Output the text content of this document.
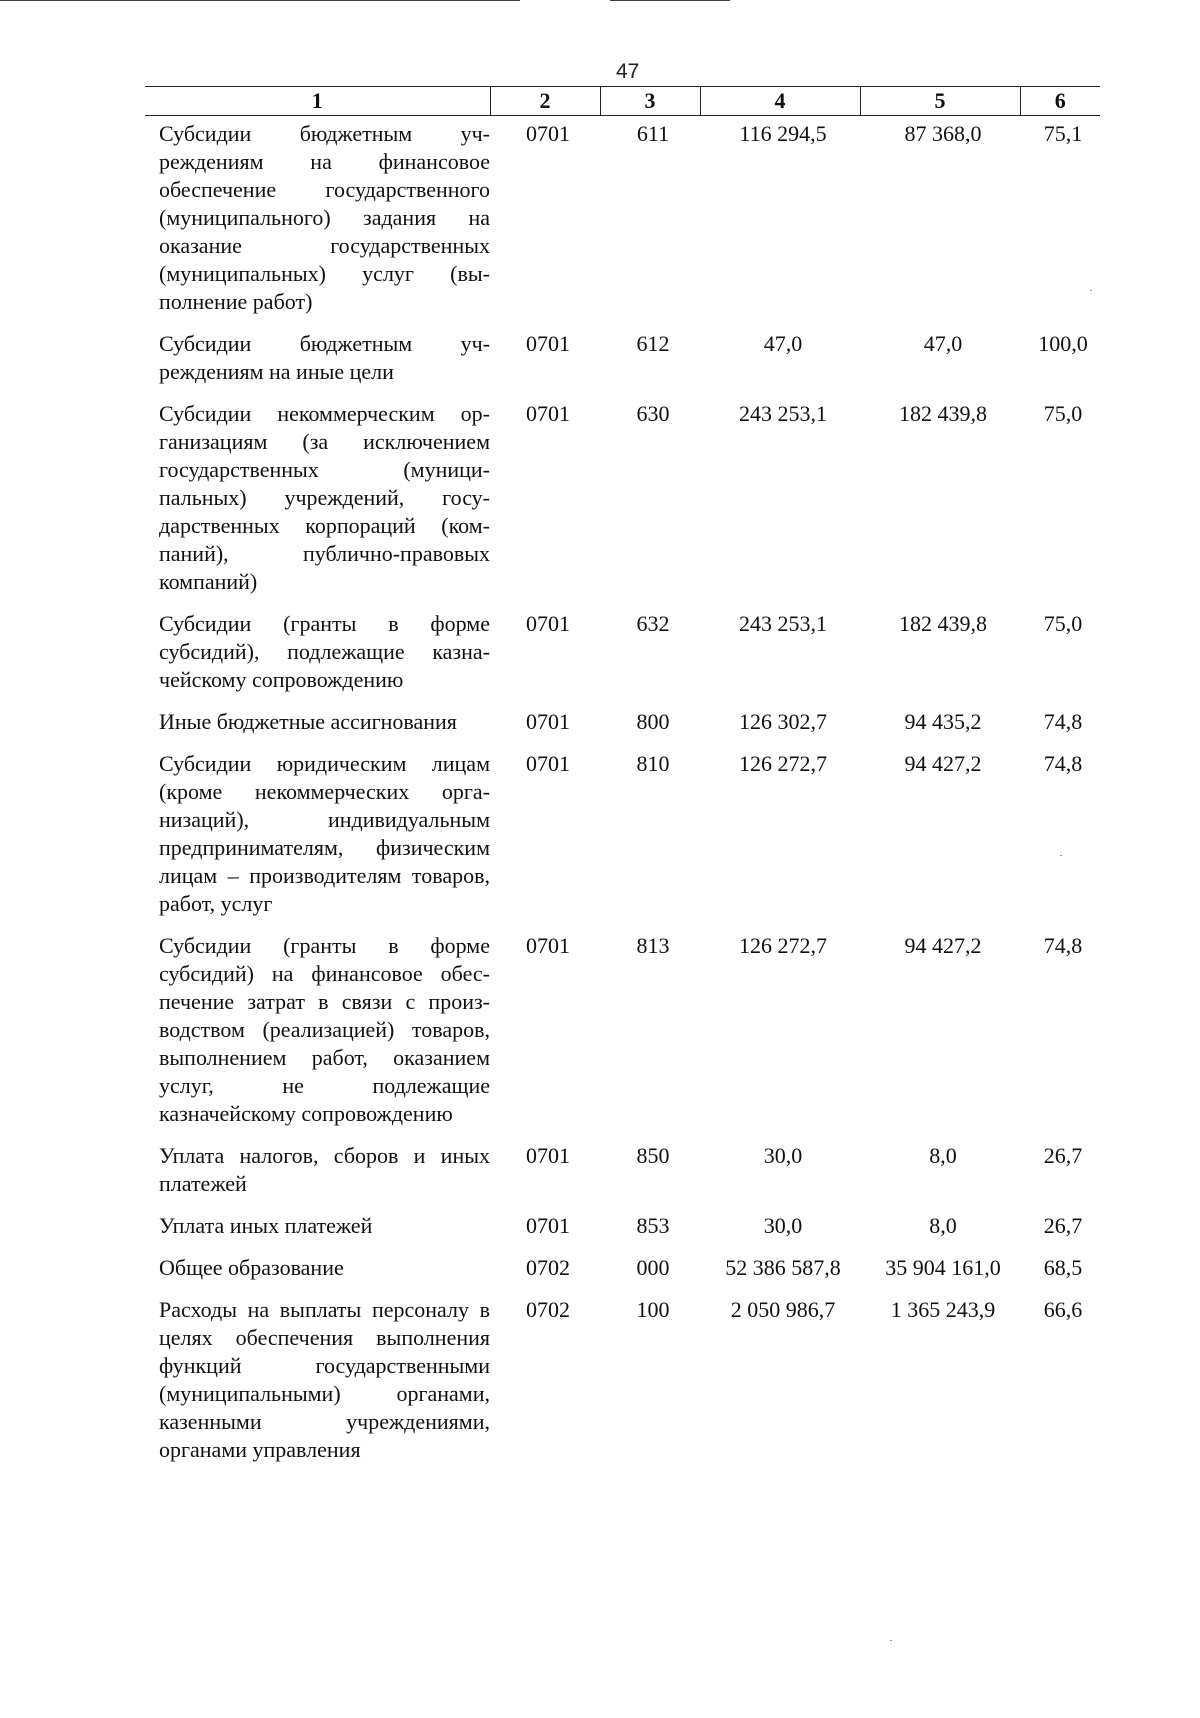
47
1	2	3	4	5	6
Субсидии бюджетным учреждениям на финансовое обеспечение государственного (муниципального) задания на оказание государственных (муниципальных) услуг (выполнение работ)	0701	611	116 294,5	87 368,0	75,1
Субсидии бюджетным учреждениям на иные цели	0701	612	47,0	47,0	100,0
Субсидии некоммерческим организациям (за исключением государственных (муниципальных) учреждений, государственных корпораций (компаний), публично-правовых компаний)	0701	630	243 253,1	182 439,8	75,0
Субсидии (гранты в форме субсидий), подлежащие казначейскому сопровождению	0701	632	243 253,1	182 439,8	75,0
Иные бюджетные ассигнования	0701	800	126 302,7	94 435,2	74,8
Субсидии юридическим лицам (кроме некоммерческих организаций), индивидуальным предпринимателям, физическим лицам – производителям товаров, работ, услуг	0701	810	126 272,7	94 427,2	74,8
Субсидии (гранты в форме субсидий) на финансовое обеспечение затрат в связи с производством (реализацией) товаров, выполнением работ, оказанием услуг, не подлежащие казначейскому сопровождению	0701	813	126 272,7	94 427,2	74,8
Уплата налогов, сборов и иных платежей	0701	850	30,0	8,0	26,7
Уплата иных платежей	0701	853	30,0	8,0	26,7
Общее образование	0702	000	52 386 587,8	35 904 161,0	68,5
Расходы на выплаты персоналу в целях обеспечения выполнения функций государственными (муниципальными) органами, казенными учреждениями, органами управления	0702	100	2 050 986,7	1 365 243,9	66,6
